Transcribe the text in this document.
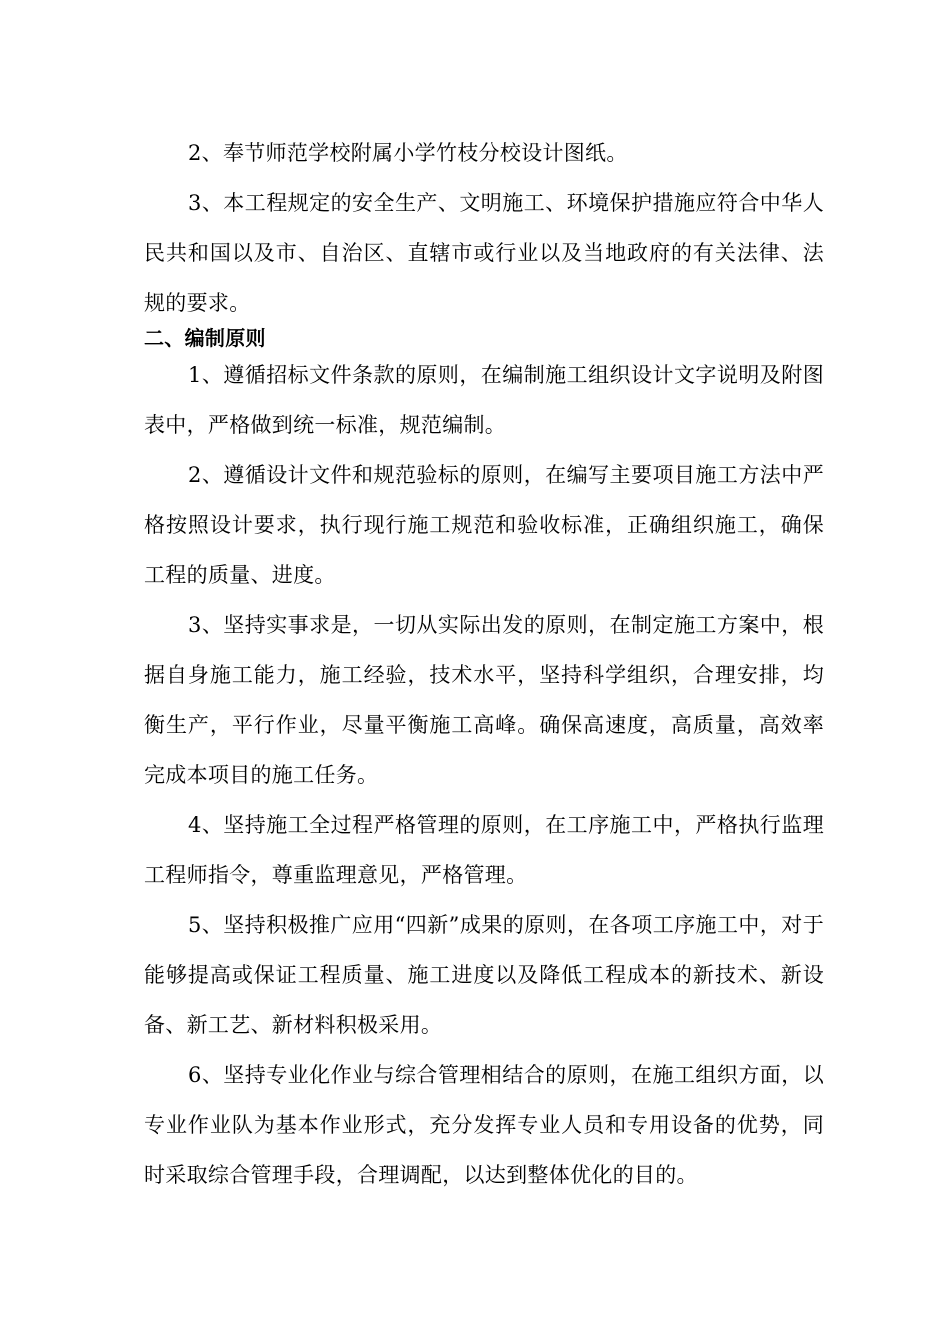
2、奉节师范学校附属小学竹枝分校设计图纸。

3、本工程规定的安全生产、文明施工、环境保护措施应符合中华人民共和国以及市、自治区、直辖市或行业以及当地政府的有关法律、法规的要求。

二、编制原则

1、遵循招标文件条款的原则，在编制施工组织设计文字说明及附图表中，严格做到统一标准，规范编制。

2、遵循设计文件和规范验标的原则，在编写主要项目施工方法中严格按照设计要求，执行现行施工规范和验收标准，正确组织施工，确保工程的质量、进度。

3、坚持实事求是，一切从实际出发的原则，在制定施工方案中，根据自身施工能力，施工经验，技术水平，坚持科学组织，合理安排，均衡生产，平行作业，尽量平衡施工高峰。确保高速度，高质量，高效率完成本项目的施工任务。

4、坚持施工全过程严格管理的原则，在工序施工中，严格执行监理工程师指令，尊重监理意见，严格管理。

5、坚持积极推广应用“四新”成果的原则，在各项工序施工中，对于能够提高或保证工程质量、施工进度以及降低工程成本的新技术、新设备、新工艺、新材料积极采用。

6、坚持专业化作业与综合管理相结合的原则，在施工组织方面，以专业作业队为基本作业形式，充分发挥专业人员和专用设备的优势，同时采取综合管理手段，合理调配，以达到整体优化的目的。
